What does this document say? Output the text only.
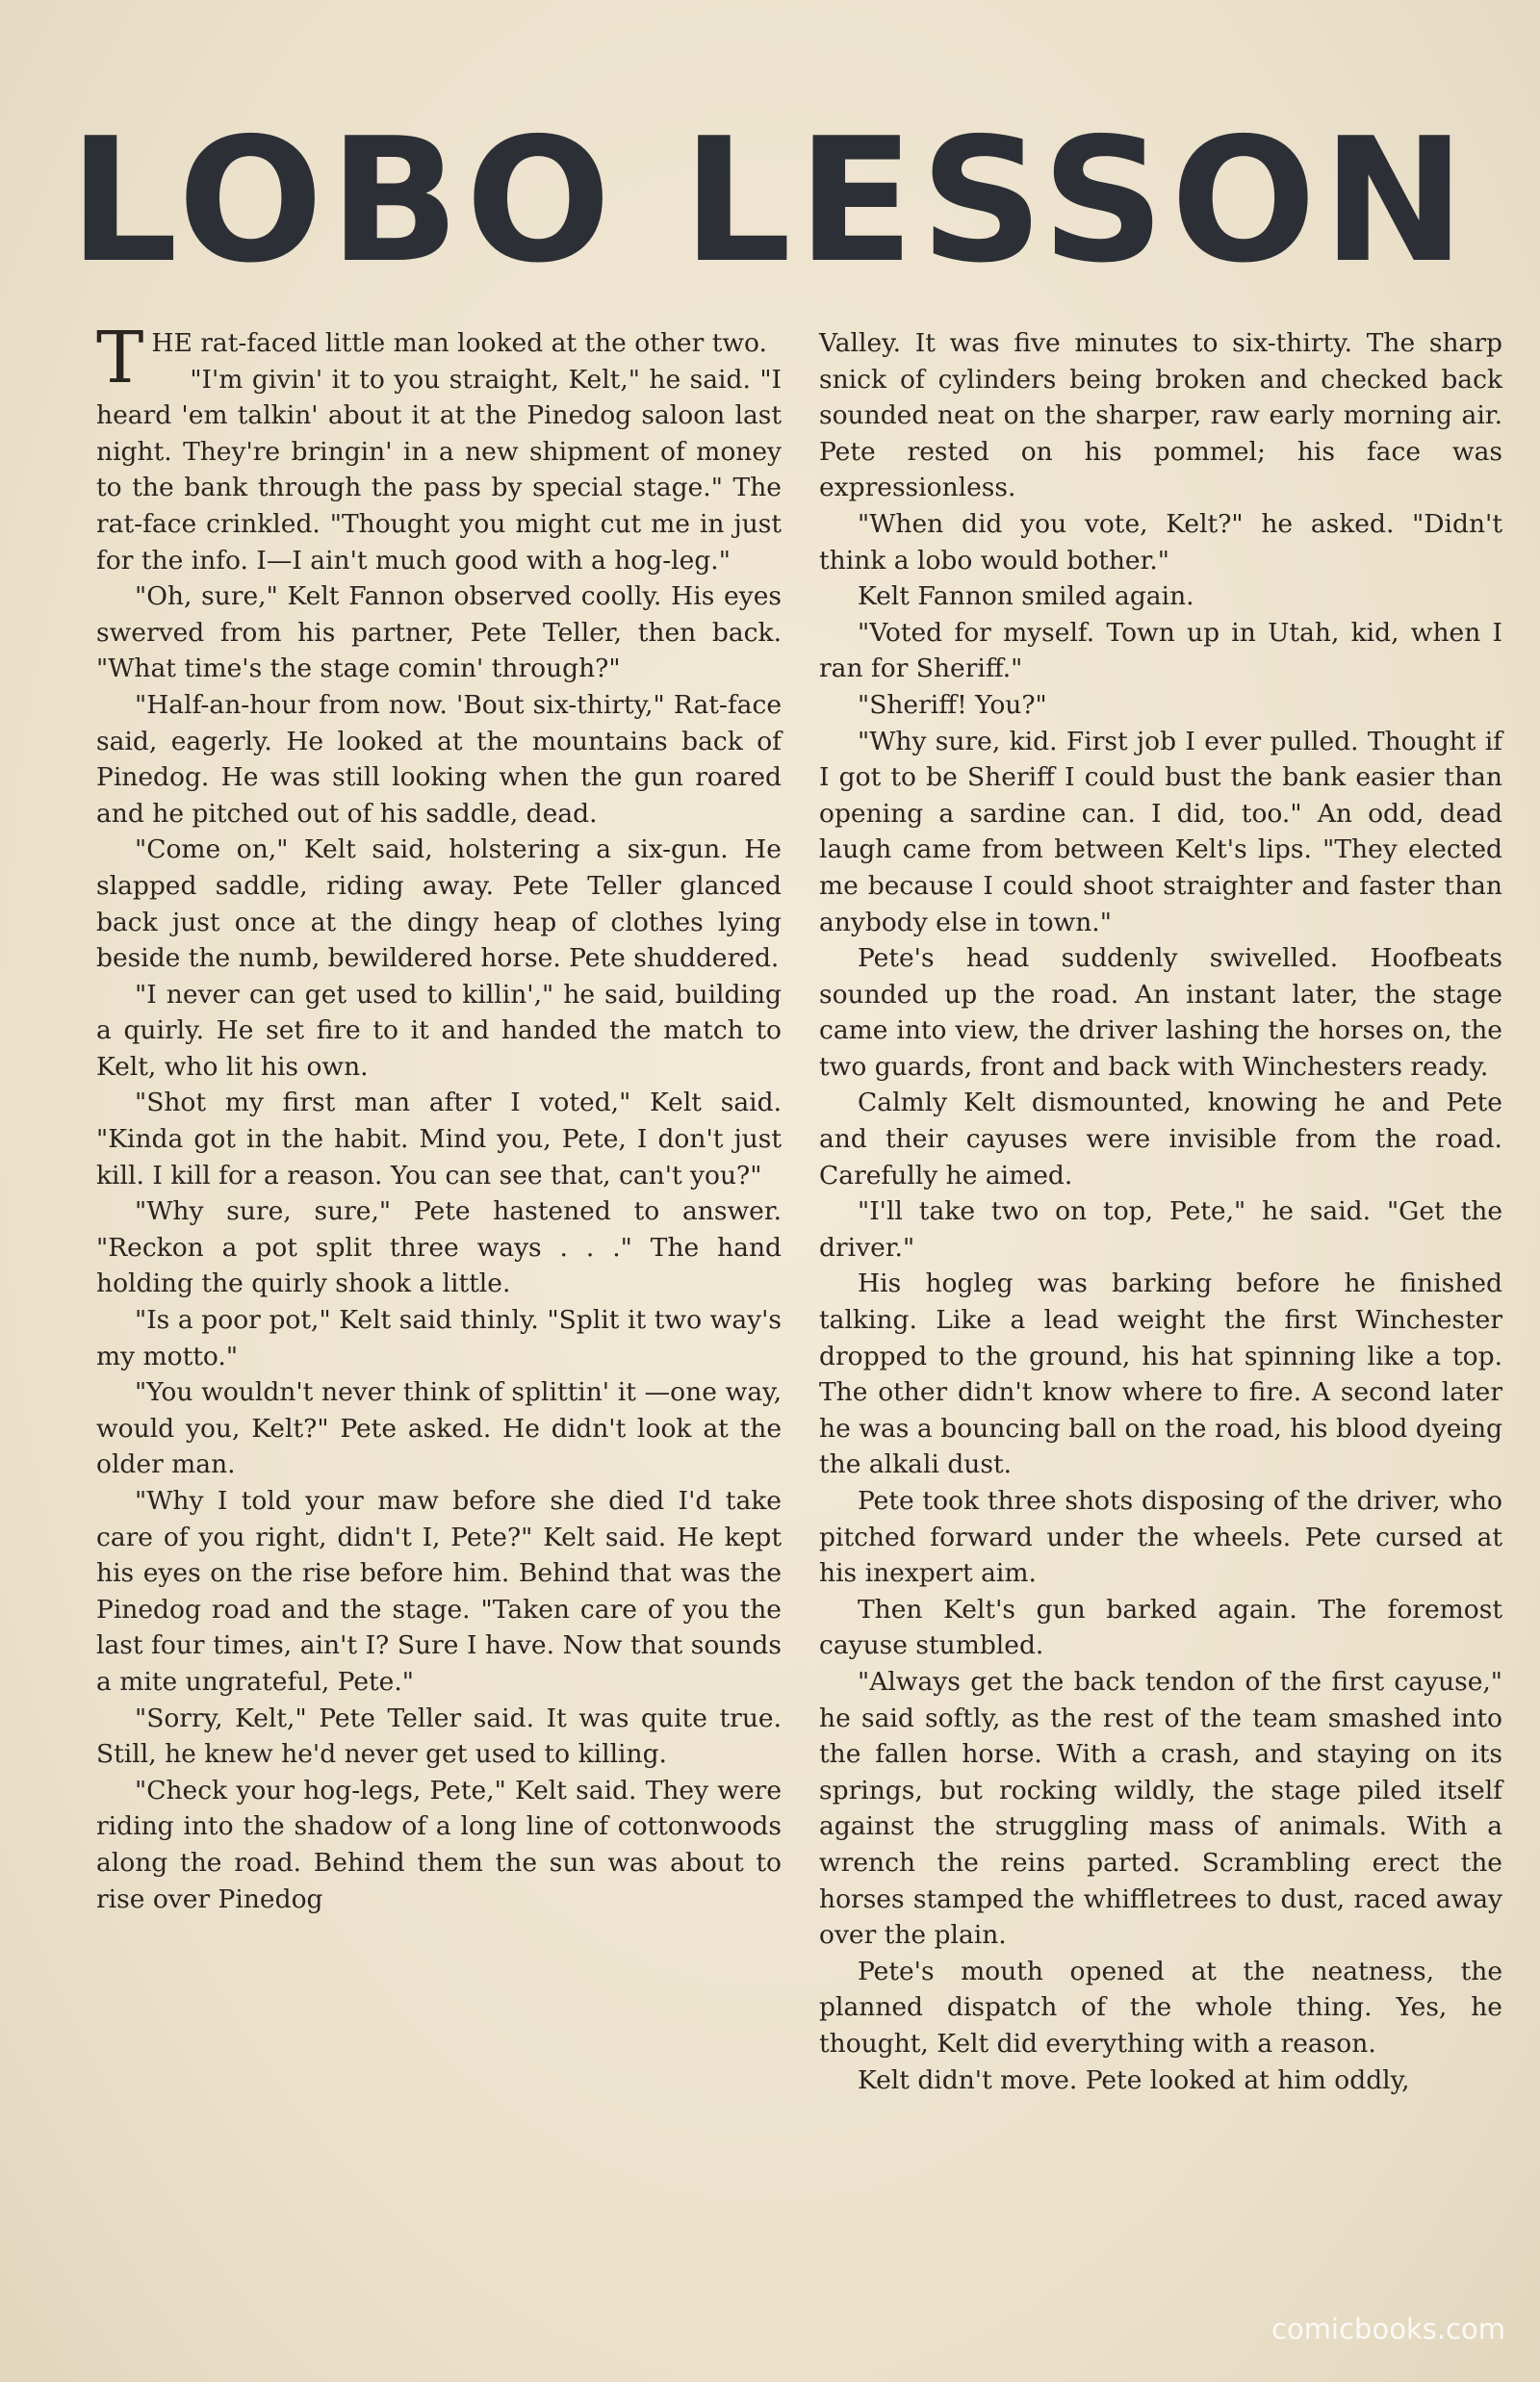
LOBO LESSON

THE rat-faced little man looked at the other two.

"I'm givin' it to you straight, Kelt," he said. "I heard 'em talkin' about it at the Pinedog saloon last night. They're bringin' in a new shipment of money to the bank through the pass by special stage." The rat-face crinkled. "Thought you might cut me in just for the info. I—I ain't much good with a hog-leg."

"Oh, sure," Kelt Fannon observed coolly. His eyes swerved from his partner, Pete Teller, then back. "What time's the stage comin' through?"

"Half-an-hour from now. 'Bout six-thirty," Rat-face said, eagerly. He looked at the mountains back of Pinedog. He was still looking when the gun roared and he pitched out of his saddle, dead.

"Come on," Kelt said, holstering a six-gun. He slapped saddle, riding away. Pete Teller glanced back just once at the dingy heap of clothes lying beside the numb, bewildered horse. Pete shuddered.

"I never can get used to killin'," he said, building a quirly. He set fire to it and handed the match to Kelt, who lit his own.

"Shot my first man after I voted," Kelt said. "Kinda got in the habit. Mind you, Pete, I don't just kill. I kill for a reason. You can see that, can't you?"

"Why sure, sure," Pete hastened to answer. "Reckon a pot split three ways . . ." The hand holding the quirly shook a little.

"Is a poor pot," Kelt said thinly. "Split it two way's my motto."

"You wouldn't never think of splittin' it —one way, would you, Kelt?" Pete asked. He didn't look at the older man.

"Why I told your maw before she died I'd take care of you right, didn't I, Pete?" Kelt said. He kept his eyes on the rise before him. Behind that was the Pinedog road and the stage. "Taken care of you the last four times, ain't I? Sure I have. Now that sounds a mite ungrateful, Pete."

"Sorry, Kelt," Pete Teller said. It was quite true. Still, he knew he'd never get used to killing.

"Check your hog-legs, Pete," Kelt said. They were riding into the shadow of a long line of cottonwoods along the road. Behind them the sun was about to rise over Pinedog

Valley. It was five minutes to six-thirty. The sharp snick of cylinders being broken and checked back sounded neat on the sharper, raw early morning air. Pete rested on his pommel; his face was expressionless.

"When did you vote, Kelt?" he asked. "Didn't think a lobo would bother."

Kelt Fannon smiled again.

"Voted for myself. Town up in Utah, kid, when I ran for Sheriff."

"Sheriff! You?"

"Why sure, kid. First job I ever pulled. Thought if I got to be Sheriff I could bust the bank easier than opening a sardine can. I did, too." An odd, dead laugh came from between Kelt's lips. "They elected me because I could shoot straighter and faster than anybody else in town."

Pete's head suddenly swivelled. Hoofbeats sounded up the road. An instant later, the stage came into view, the driver lashing the horses on, the two guards, front and back with Winchesters ready.

Calmly Kelt dismounted, knowing he and Pete and their cayuses were invisible from the road. Carefully he aimed.

"I'll take two on top, Pete," he said. "Get the driver."

His hogleg was barking before he finished talking. Like a lead weight the first Winchester dropped to the ground, his hat spinning like a top. The other didn't know where to fire. A second later he was a bouncing ball on the road, his blood dyeing the alkali dust.

Pete took three shots disposing of the driver, who pitched forward under the wheels. Pete cursed at his inexpert aim.

Then Kelt's gun barked again. The foremost cayuse stumbled.

"Always get the back tendon of the first cayuse," he said softly, as the rest of the team smashed into the fallen horse. With a crash, and staying on its springs, but rocking wildly, the stage piled itself against the struggling mass of animals. With a wrench the reins parted. Scrambling erect the horses stamped the whiffletrees to dust, raced away over the plain.

Pete's mouth opened at the neatness, the planned dispatch of the whole thing. Yes, he thought, Kelt did everything with a reason.

Kelt didn't move. Pete looked at him oddly,

comicbooks.com
